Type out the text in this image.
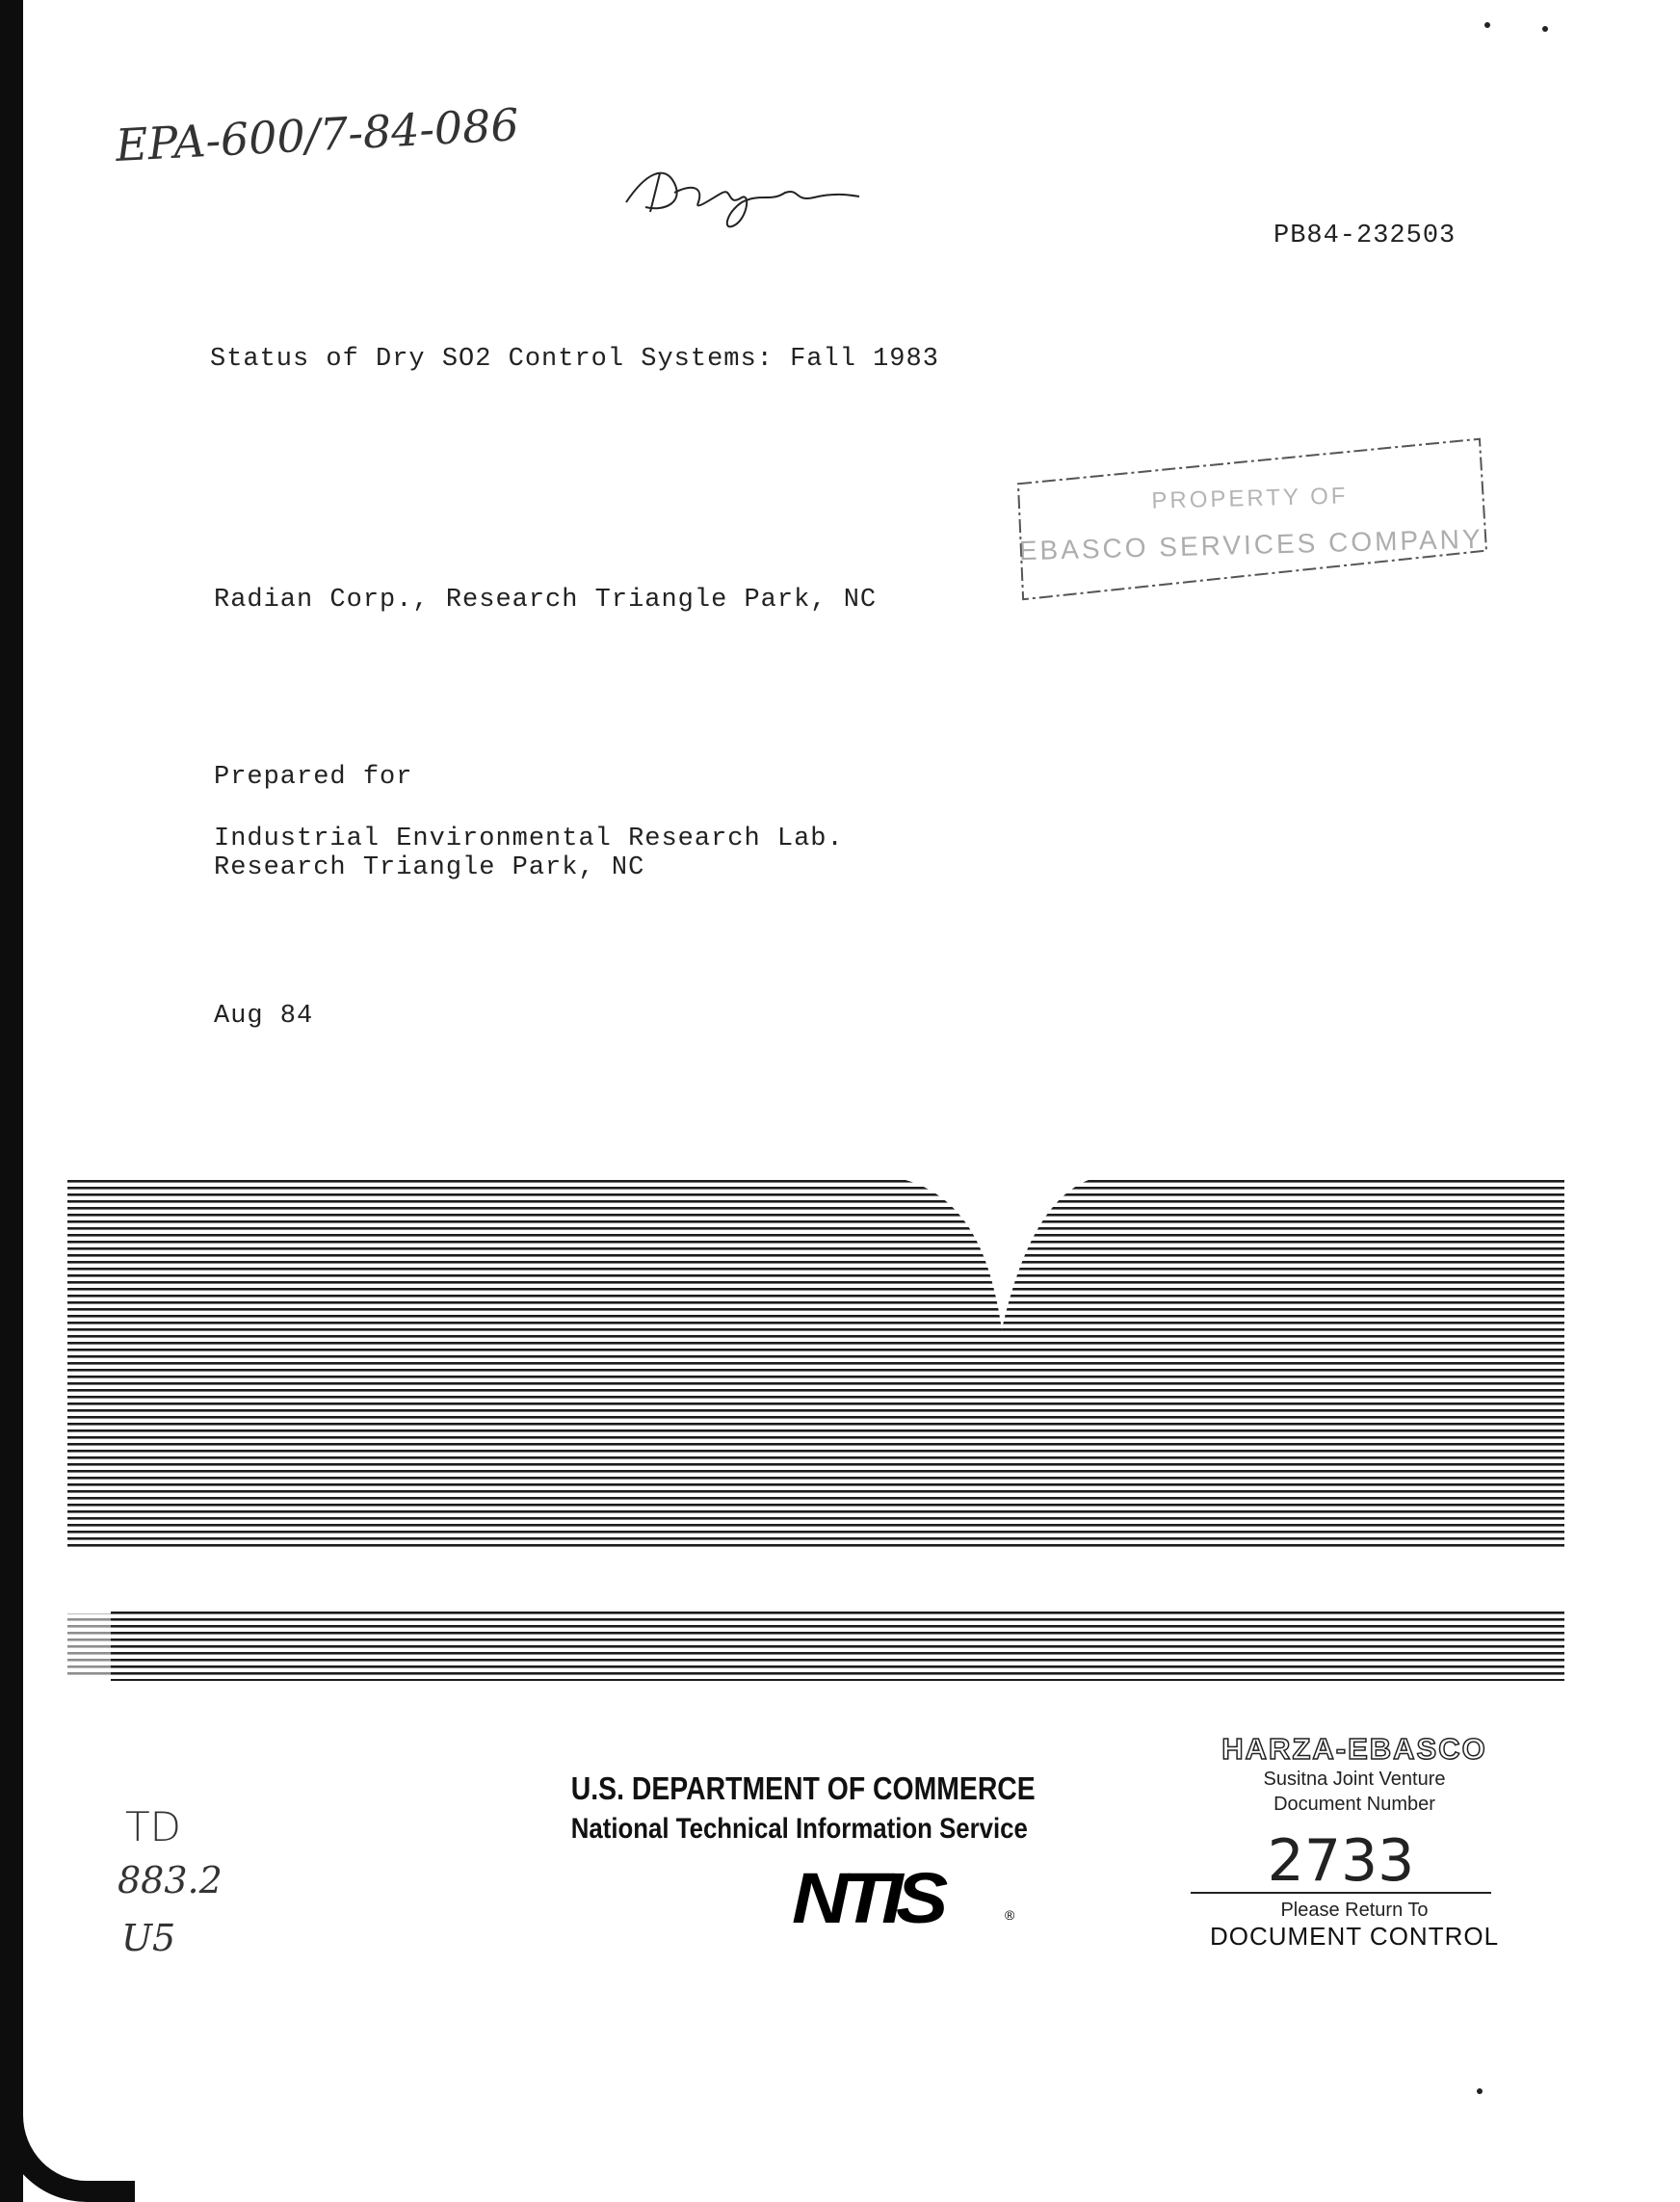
EPA-600/7-84-086
PB84-232503
Status of Dry SO2 Control Systems: Fall 1983
PROPERTY OF
EBASCO SERVICES COMPANY
Radian Corp., Research Triangle Park, NC
Prepared for
Industrial Environmental Research Lab.
Research Triangle Park, NC
Aug 84
TD
883.2
U5
U.S. DEPARTMENT OF COMMERCE
National Technical Information Service
NTIS	®
HARZA-EBASCO
Susitna Joint Venture
Document Number
2733
Please Return To
DOCUMENT CONTROL
